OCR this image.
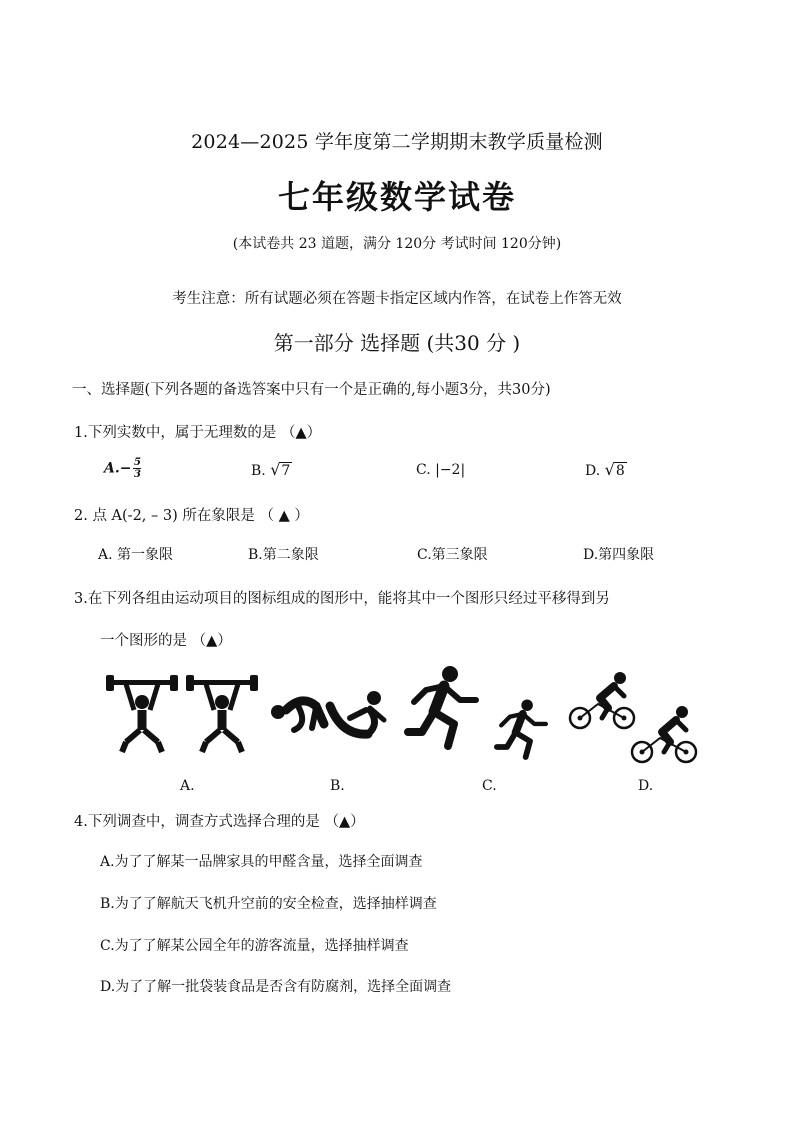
2024—2025 学年度第二学期期末教学质量检测
七年级数学试卷
(本试卷共 23 道题，满分 120分 考试时间 120分钟)
考生注意：所有试题必须在答题卡指定区域内作答，在试卷上作答无效
第一部分 选择题 (共30 分 )
一、选择题(下列各题的备选答案中只有一个是正确的,每小题3分，共30分)
1.下列实数中，属于无理数的是 （▲）
$A.- \frac{5}{3}$	B. √7	C. |−2|	D. √8
2. 点 A(-2, – 3) 所在象限是 （ ▲ ）
A. 第一象限	B.第二象限	C.第三象限	D.第四象限
3.在下列各组由运动项目的图标组成的图形中，能将其中一个图形只经过平移得到另
一个图形的是 （▲）
A.	B.	C.	D.
4.下列调查中，调查方式选择合理的是 （▲）
A.为了了解某一品牌家具的甲醛含量，选择全面调查
B.为了了解航天飞机升空前的安全检查，选择抽样调查
C.为了了解某公园全年的游客流量，选择抽样调查
D.为了了解一批袋装食品是否含有防腐剂，选择全面调查
